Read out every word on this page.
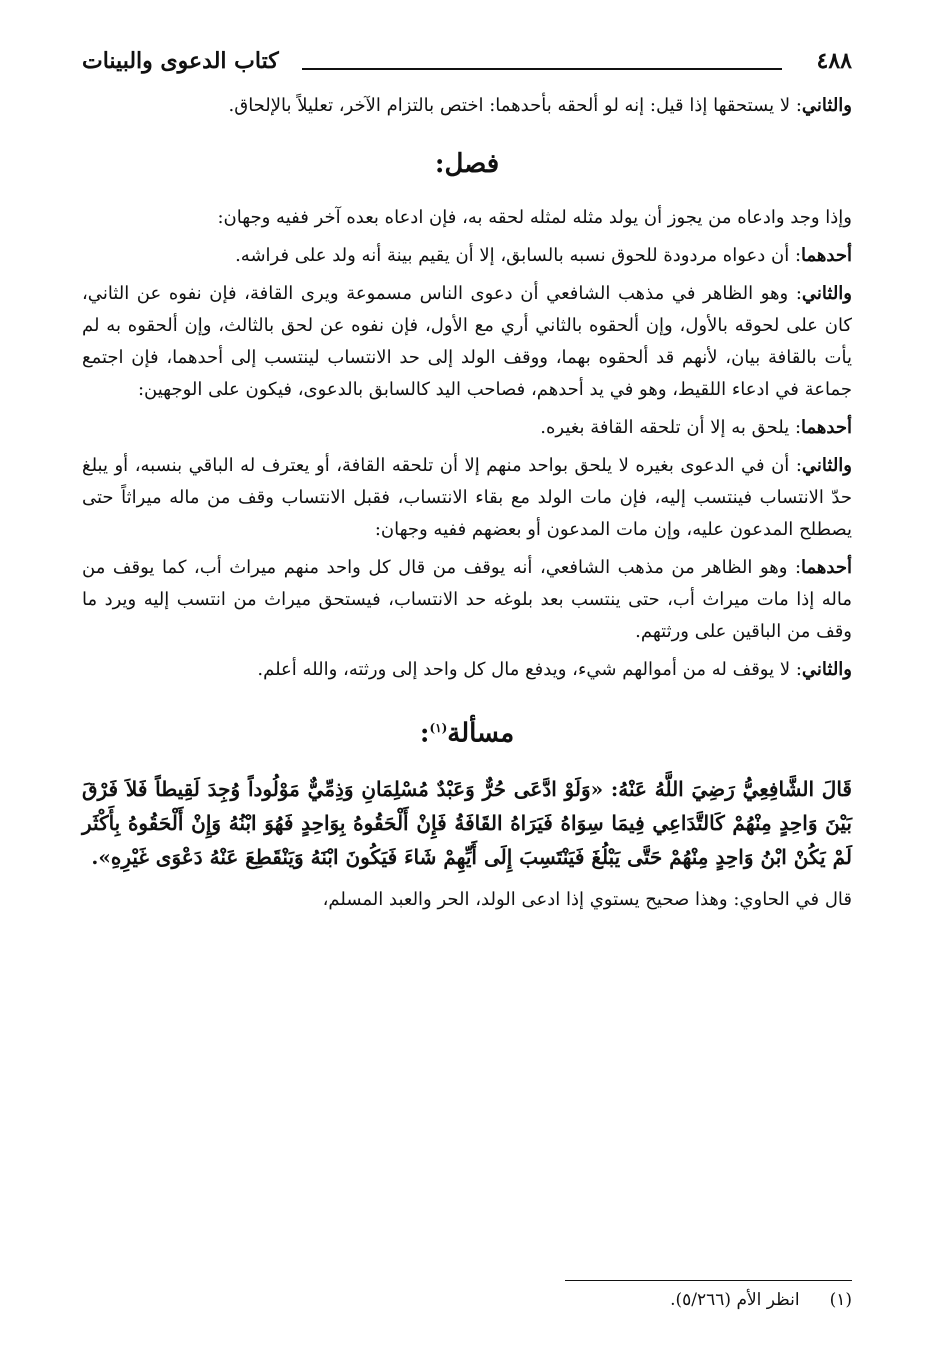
٤٨٨
كتاب الدعوى والبينات

والثاني: لا يستحقها إذا قيل: إنه لو ألحقه بأحدهما: اختص بالتزام الآخر، تعليلاً بالإلحاق.

فصل:

وإذا وجد وادعاه من يجوز أن يولد مثله لمثله لحقه به، فإن ادعاه بعده آخر ففيه وجهان:

أحدهما: أن دعواه مردودة للحوق نسبه بالسابق، إلا أن يقيم بينة أنه ولد على فراشه.

والثاني: وهو الظاهر في مذهب الشافعي أن دعوى الناس مسموعة ويرى القافة، فإن نفوه عن الثاني، كان على لحوقه بالأول، وإن ألحقوه بالثاني أري مع الأول، فإن نفوه عن لحق بالثالث، وإن ألحقوه به لم يأت بالقافة بيان، لأنهم قد ألحقوه بهما، ووقف الولد إلى حد الانتساب لينتسب إلى أحدهما، فإن اجتمع جماعة في ادعاء اللقيط، وهو في يد أحدهم، فصاحب اليد كالسابق بالدعوى، فيكون على الوجهين:

أحدهما: يلحق به إلا أن تلحقه القافة بغيره.

والثاني: أن في الدعوى بغيره لا يلحق بواحد منهم إلا أن تلحقه القافة، أو يعترف له الباقي بنسبه، أو يبلغ حدّ الانتساب فينتسب إليه، فإن مات الولد مع بقاء الانتساب، فقبل الانتساب وقف من ماله ميراثاً حتى يصطلح المدعون عليه، وإن مات المدعون أو بعضهم ففيه وجهان:

أحدهما: وهو الظاهر من مذهب الشافعي، أنه يوقف من قال كل واحد منهم ميراث أب، كما يوقف من ماله إذا مات ميراث أب، حتى ينتسب بعد بلوغه حد الانتساب، فيستحق ميراث من انتسب إليه ويرد ما وقف من الباقين على ورثتهم.

والثاني: لا يوقف له من أموالهم شيء، ويدفع مال كل واحد إلى ورثته، والله أعلم.

مسألة$^{(١)}$:

قَالَ الشَّافِعِيُّ رَضِيَ اللَّهُ عَنْهُ: «وَلَوْ ادَّعَى حُرٌّ وَعَبْدٌ مُسْلِمَانِ وَذِمِّيٌّ مَوْلُوداً وُجِدَ لَقِيطاً فَلاَ فَرْقَ بَيْنَ وَاحِدٍ مِنْهُمْ كَالتَّدَاعِي فِيمَا سِوَاهُ فَيَرَاهُ القَافَةُ فَإِنْ أَلْحَقُوهُ بِوَاحِدٍ فَهُوَ ابْنُهُ وَإِنْ أَلْحَقُوهُ بِأَكْثَر لَمْ يَكُنْ ابْنُ وَاحِدٍ مِنْهُمْ حَتَّى يَبْلُغَ فَيَنْتَسِبَ إِلَى أَيِّهِمْ شَاءَ فَيَكُونَ ابْنَهُ وَيَنْقَطِعَ عَنْهُ دَعْوَى غَيْرِهِ».

قال في الحاوي: وهذا صحيح يستوي إذا ادعى الولد، الحر والعبد المسلم،

(١)انظر الأم (٥/٢٦٦).
